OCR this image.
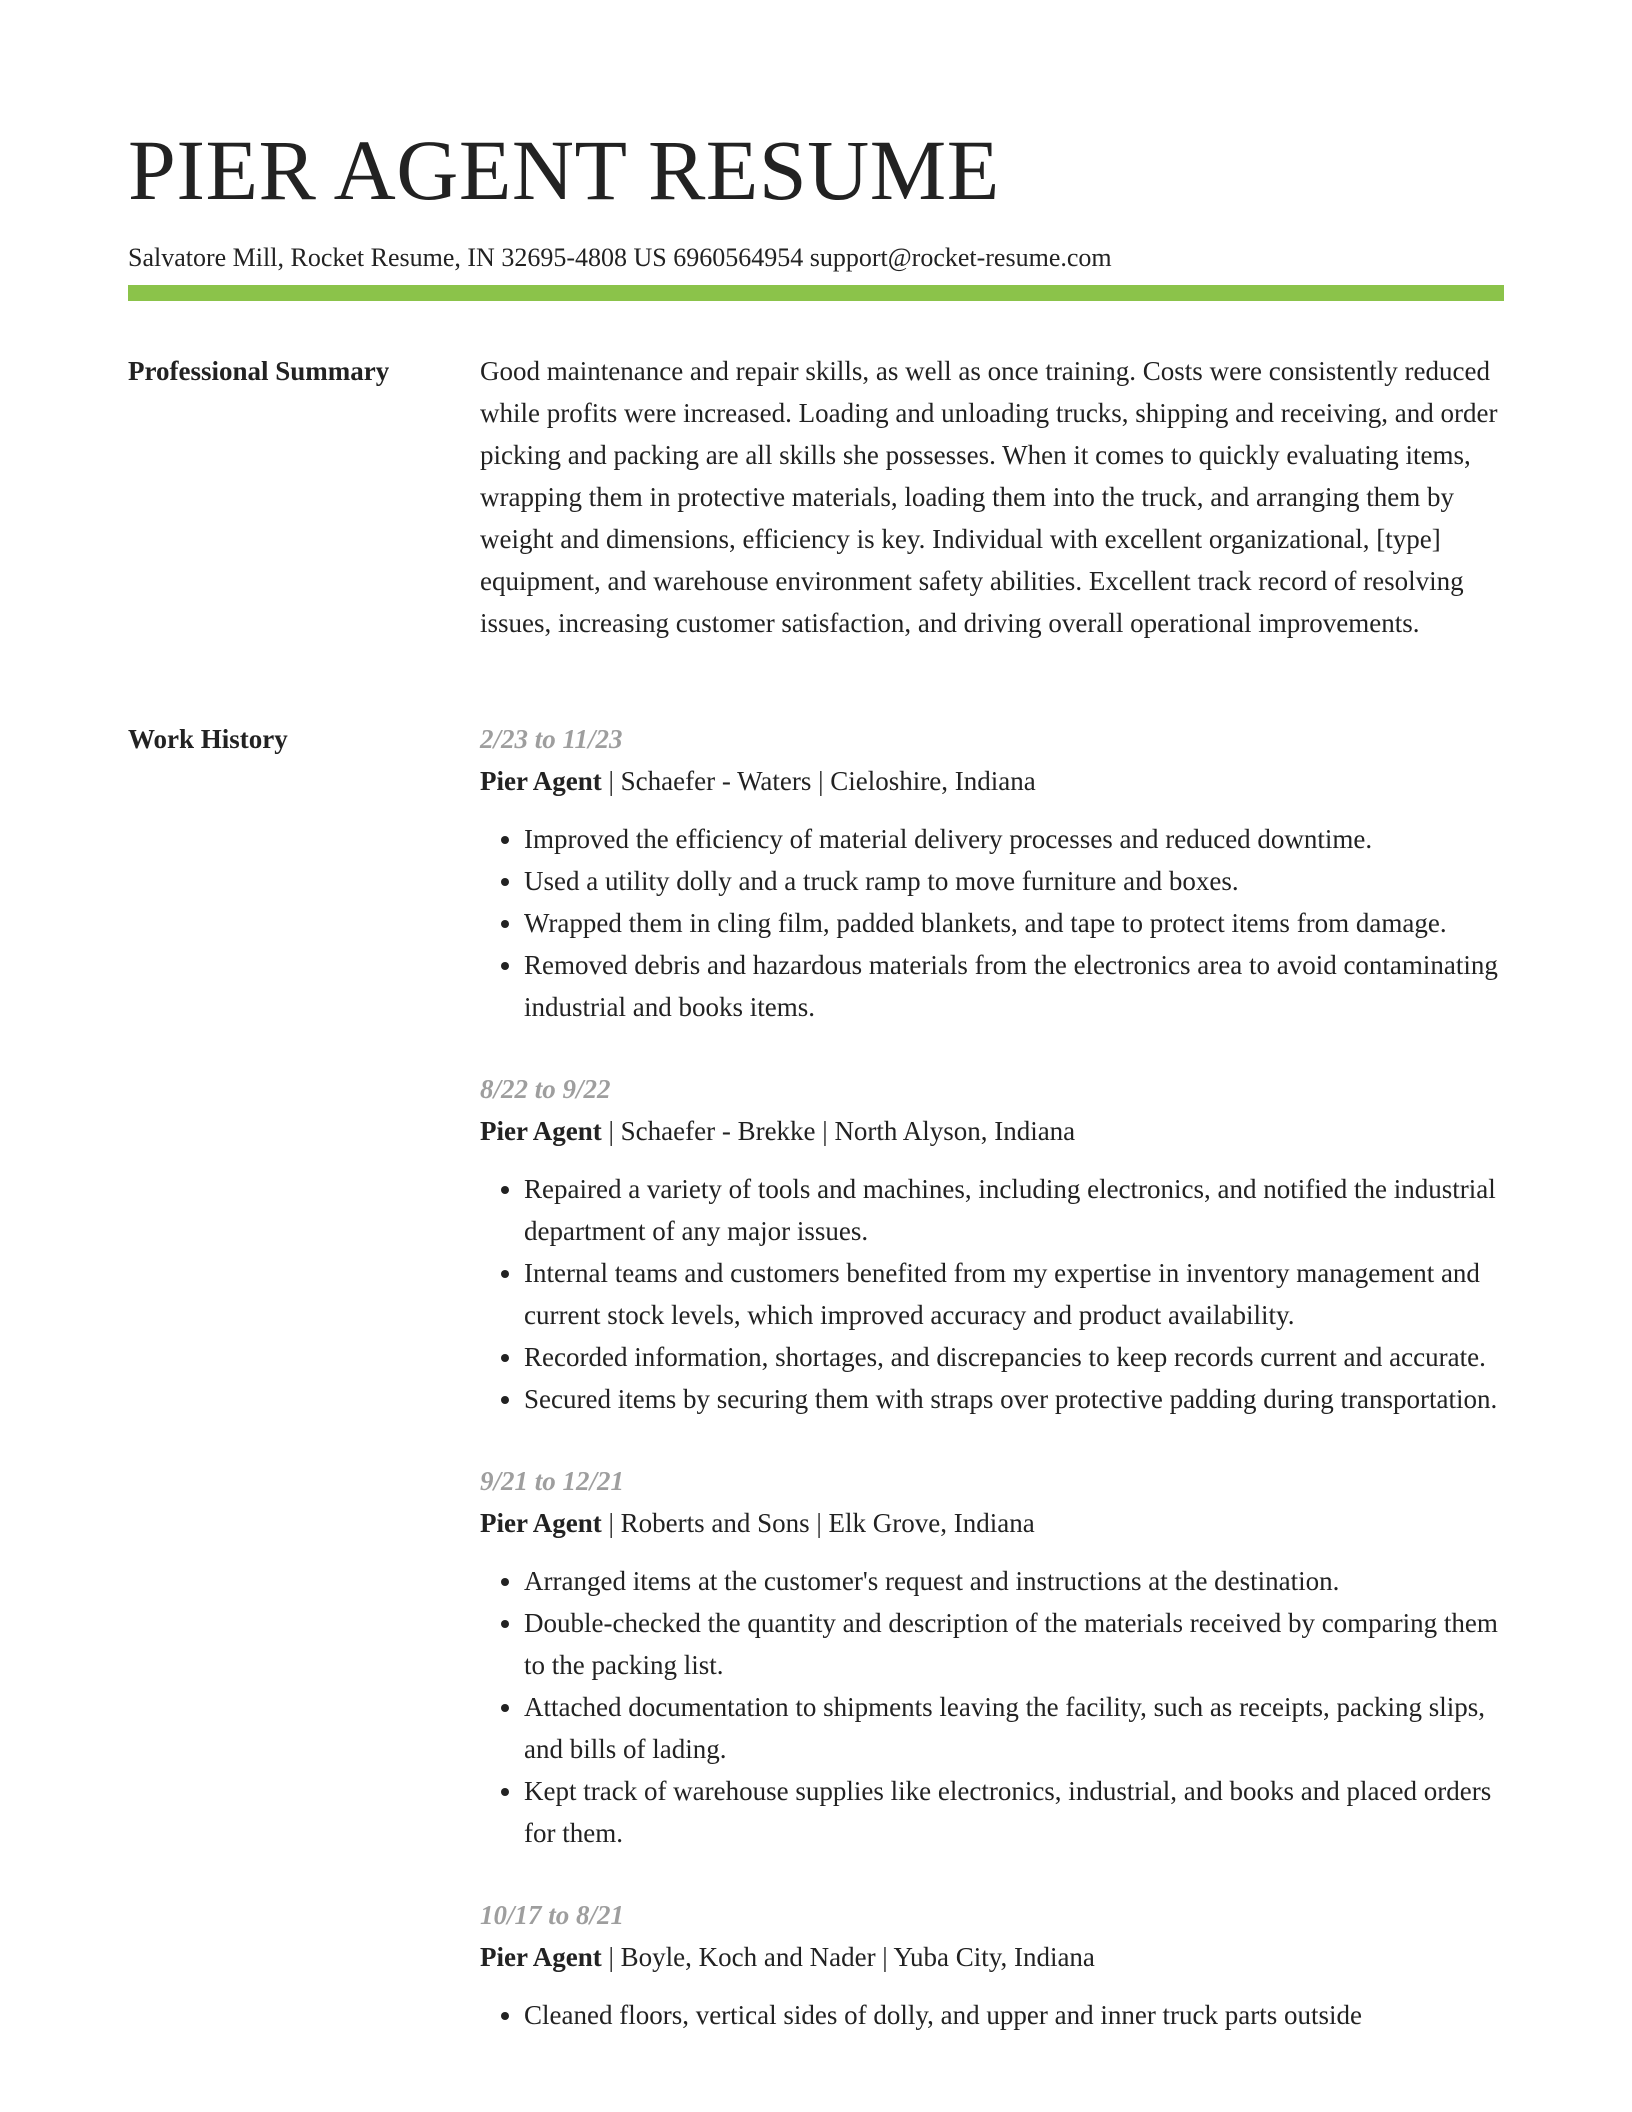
PIER AGENT RESUME
Salvatore Mill, Rocket Resume, IN 32695-4808 US 6960564954 support@rocket-resume.com
Professional Summary	Good maintenance and repair skills, as well as once training. Costs were consistently reduced while profits were increased. Loading and unloading trucks, shipping and receiving, and order picking and packing are all skills she possesses. When it comes to quickly evaluating items, wrapping them in protective materials, loading them into the truck, and arranging them by weight and dimensions, efficiency is key. Individual with excellent organizational, [type] equipment, and warehouse environment safety abilities. Excellent track record of resolving issues, increasing customer satisfaction, and driving overall operational improvements.

Work History	2/23 to 11/23
Pier Agent | Schaefer - Waters | Cieloshire, Indiana
• Improved the efficiency of material delivery processes and reduced downtime.
• Used a utility dolly and a truck ramp to move furniture and boxes.
• Wrapped them in cling film, padded blankets, and tape to protect items from damage.
• Removed debris and hazardous materials from the electronics area to avoid contaminating industrial and books items.
8/22 to 9/22
Pier Agent | Schaefer - Brekke | North Alyson, Indiana
• Repaired a variety of tools and machines, including electronics, and notified the industrial department of any major issues.
• Internal teams and customers benefited from my expertise in inventory management and current stock levels, which improved accuracy and product availability.
• Recorded information, shortages, and discrepancies to keep records current and accurate.
• Secured items by securing them with straps over protective padding during transportation.
9/21 to 12/21
Pier Agent | Roberts and Sons | Elk Grove, Indiana
• Arranged items at the customer's request and instructions at the destination.
• Double-checked the quantity and description of the materials received by comparing them to the packing list.
• Attached documentation to shipments leaving the facility, such as receipts, packing slips, and bills of lading.
• Kept track of warehouse supplies like electronics, industrial, and books and placed orders for them.
10/17 to 8/21
Pier Agent | Boyle, Koch and Nader | Yuba City, Indiana
• Cleaned floors, vertical sides of dolly, and upper and inner truck parts outside
